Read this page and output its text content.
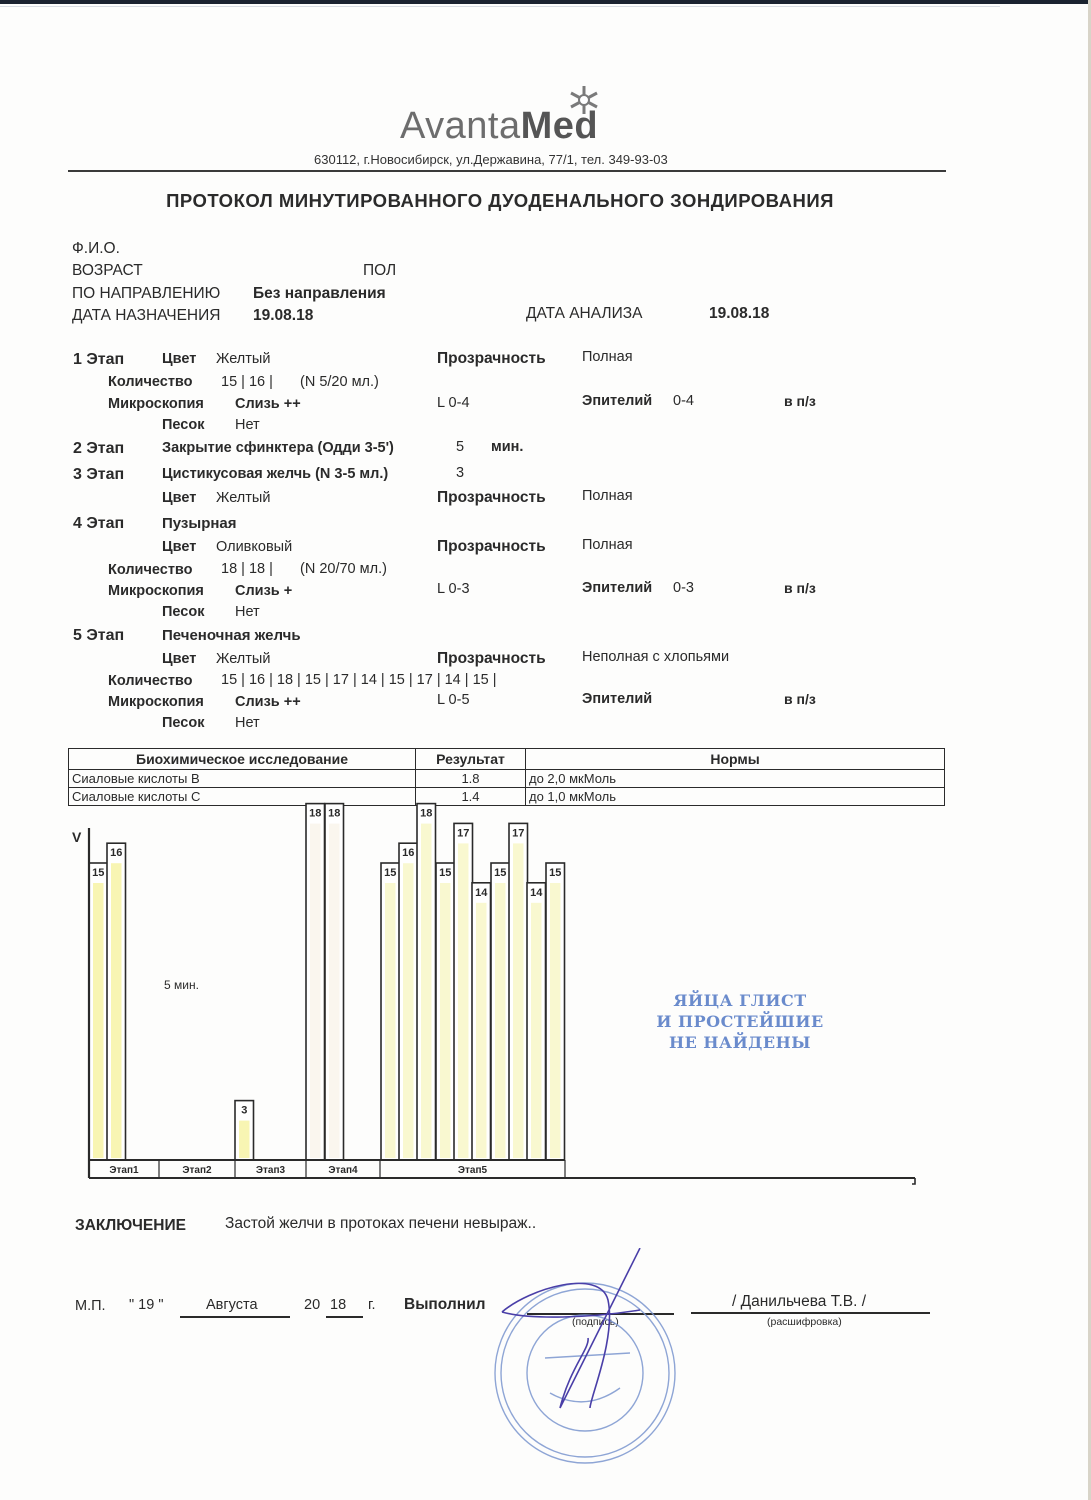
AvantaMed
630112, г.Новосибирск, ул.Державина, 77/1, тел. 349-93-03
ПРОТОКОЛ МИНУТИРОВАННОГО ДУОДЕНАЛЬНОГО ЗОНДИРОВАНИЯ
Ф.И.О.
ВОЗРАСТ	ПОЛ
ПО НАПРАВЛЕНИЮ Без направления
ДАТА НАЗНАЧЕНИЯ 19.08.18	ДАТА АНАЛИЗА	19.08.18
1 Этап	Цвет Желтый	Прозрачность	Полная
Количество 15 | 16 | (N 5/20 мл.)
Микроскопия Слизь ++	L 0-4	Эпителий 0-4	в п/з
Песок Нет
2 Этап	Закрытие сфинктера (Одди 3-5')	5 мин.
3 Этап	Цистикусовая желчь (N 3-5 мл.)	3
Цвет Желтый	Прозрачность	Полная
4 Этап	Пузырная
Цвет Оливковый	Прозрачность	Полная
Количество 18 | 18 | (N 20/70 мл.)
Микроскопия Слизь +	L 0-3	Эпителий 0-3	в п/з
Песок Нет
5 Этап	Печеночная желчь
Цвет Желтый	Прозрачность	Неполная с хлопьями
Количество 15 | 16 | 18 | 15 | 17 | 14 | 15 | 17 | 14 | 15 |
Микроскопия Слизь ++	L 0-5	Эпителий	в п/з
Песок Нет
Биохимическое исследование	Результат	Нормы
Сиаловые кислоты В	1.8	до 2,0 мкМоль
Сиаловые кислоты С	1.4	до 1,0 мкМоль
15
16
3
18 18
15
16
18
15
17
14
15
17
14
15
V
Этап1	Этап2	Этап3	Этап4	Этап5
5 мин.
ЯЙЦА ГЛИСТ
И ПРОСТЕЙШИЕ
НЕ НАЙДЕНЫ
ЗАКЛЮЧЕНИЕ	Застой желчи в протоках печени невыраж..
М.П. " 19 "	Августа	20 18 г. Выполнил
(подпись)
/ Данильчева Т.В. /
(расшифровка)
